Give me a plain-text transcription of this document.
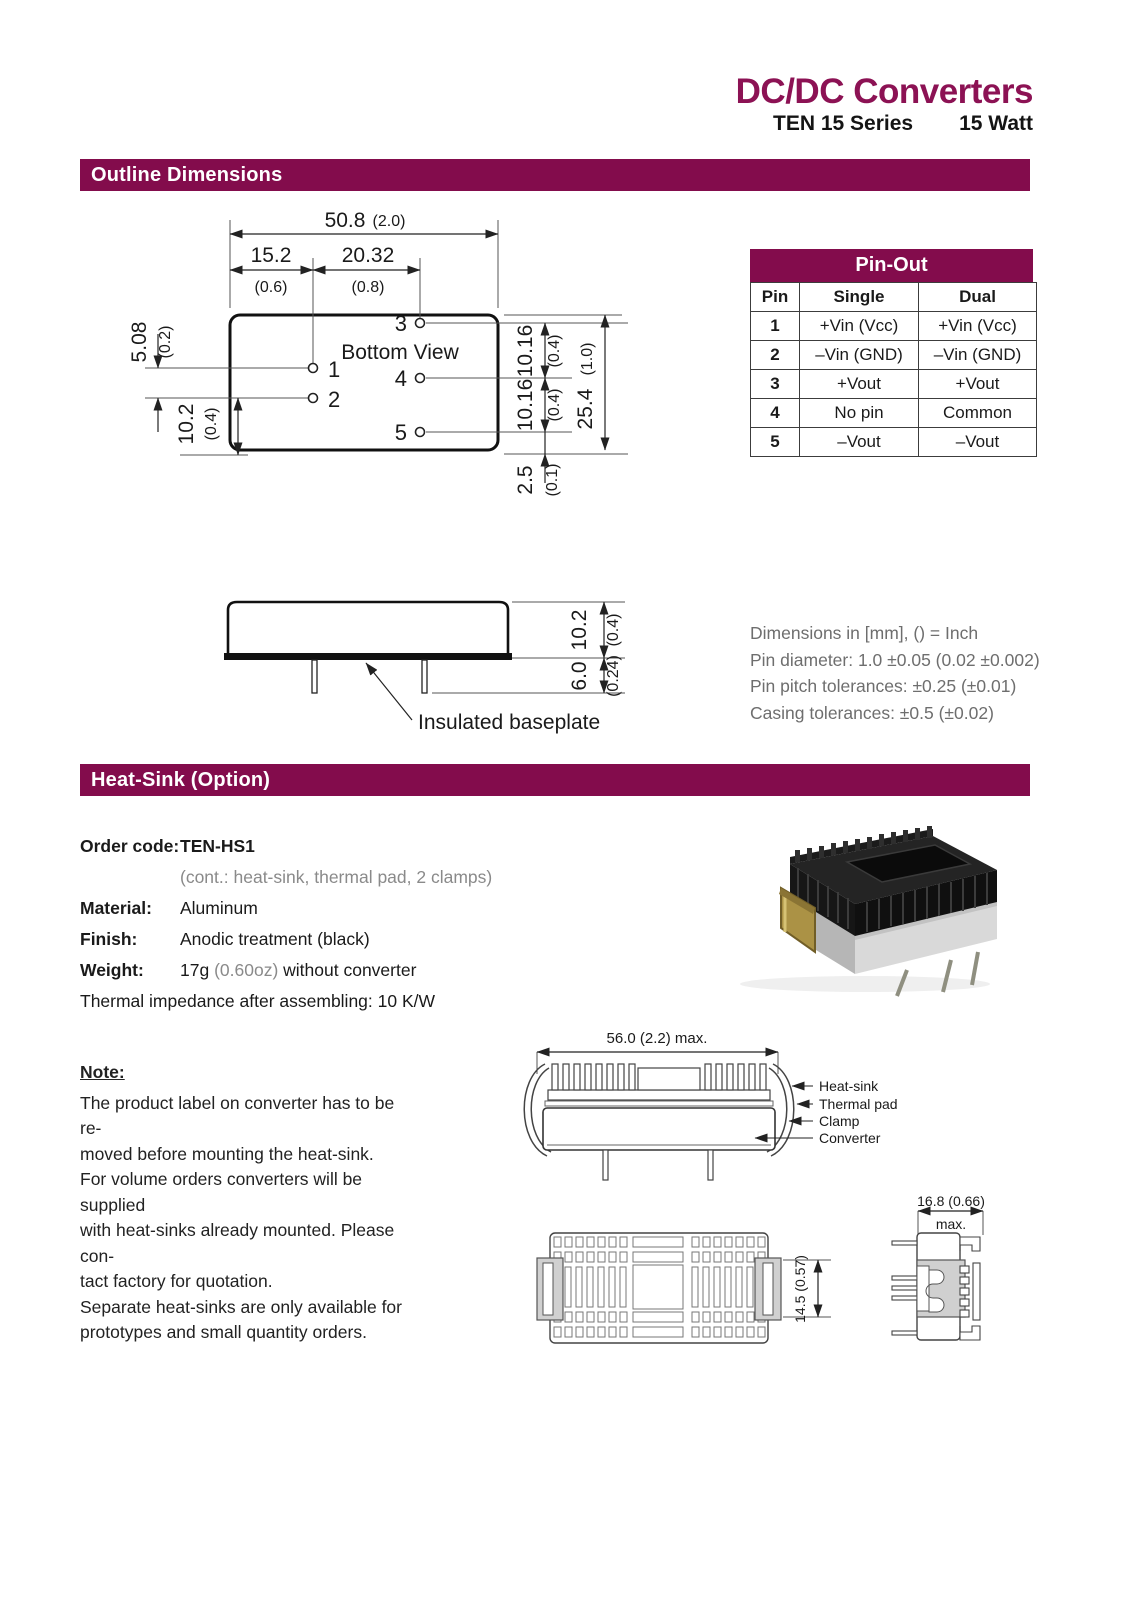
DC/DC Converters
TEN 15 Series 15 Watt
Outline Dimensions
50.8 (2.0)
15.2
(0.6)
20.32
(0.8)
5.08 (0.2)
10.2 (0.4)
10.16 (0.4)
10.16 (0.4) 25.4
(1.0)
2.5 (0.1)
1
2
3
4
5
Bottom View
Pin-Out
Pin	Single	Dual
1	+Vin (Vcc)	+Vin (Vcc)
2	–Vin (GND)	–Vin (GND)
3	+Vout	+Vout
4	No pin	Common
5	–Vout	–Vout
10.2 (0.4)
6.0 (0.24)
Insulated baseplate
Dimensions in [mm], () = Inch
Pin diameter: 1.0 ±0.05 (0.02 ±0.002)
Pin pitch tolerances: ±0.25 (±0.01)
Casing tolerances: ±0.5 (±0.02)
Heat-Sink (Option)
Order code: TEN-HS1
(cont.: heat-sink, thermal pad, 2 clamps)
Material:	Aluminum
Finish:	Anodic treatment (black)
Weight:	17g (0.60oz) without converter
Thermal impedance after assembling: 10 K/W
Note:
The product label on converter has to be re-
moved before mounting the heat-sink.
For volume orders converters will be supplied
with heat-sinks already mounted. Please con-
tact factory for quotation.
Separate heat-sinks are only available for
prototypes and small quantity orders.
56.0 (2.2) max.
Heat-sink
Thermal pad
Clamp
Converter
14.5 (0.57)
16.8 (0.66)
max.
